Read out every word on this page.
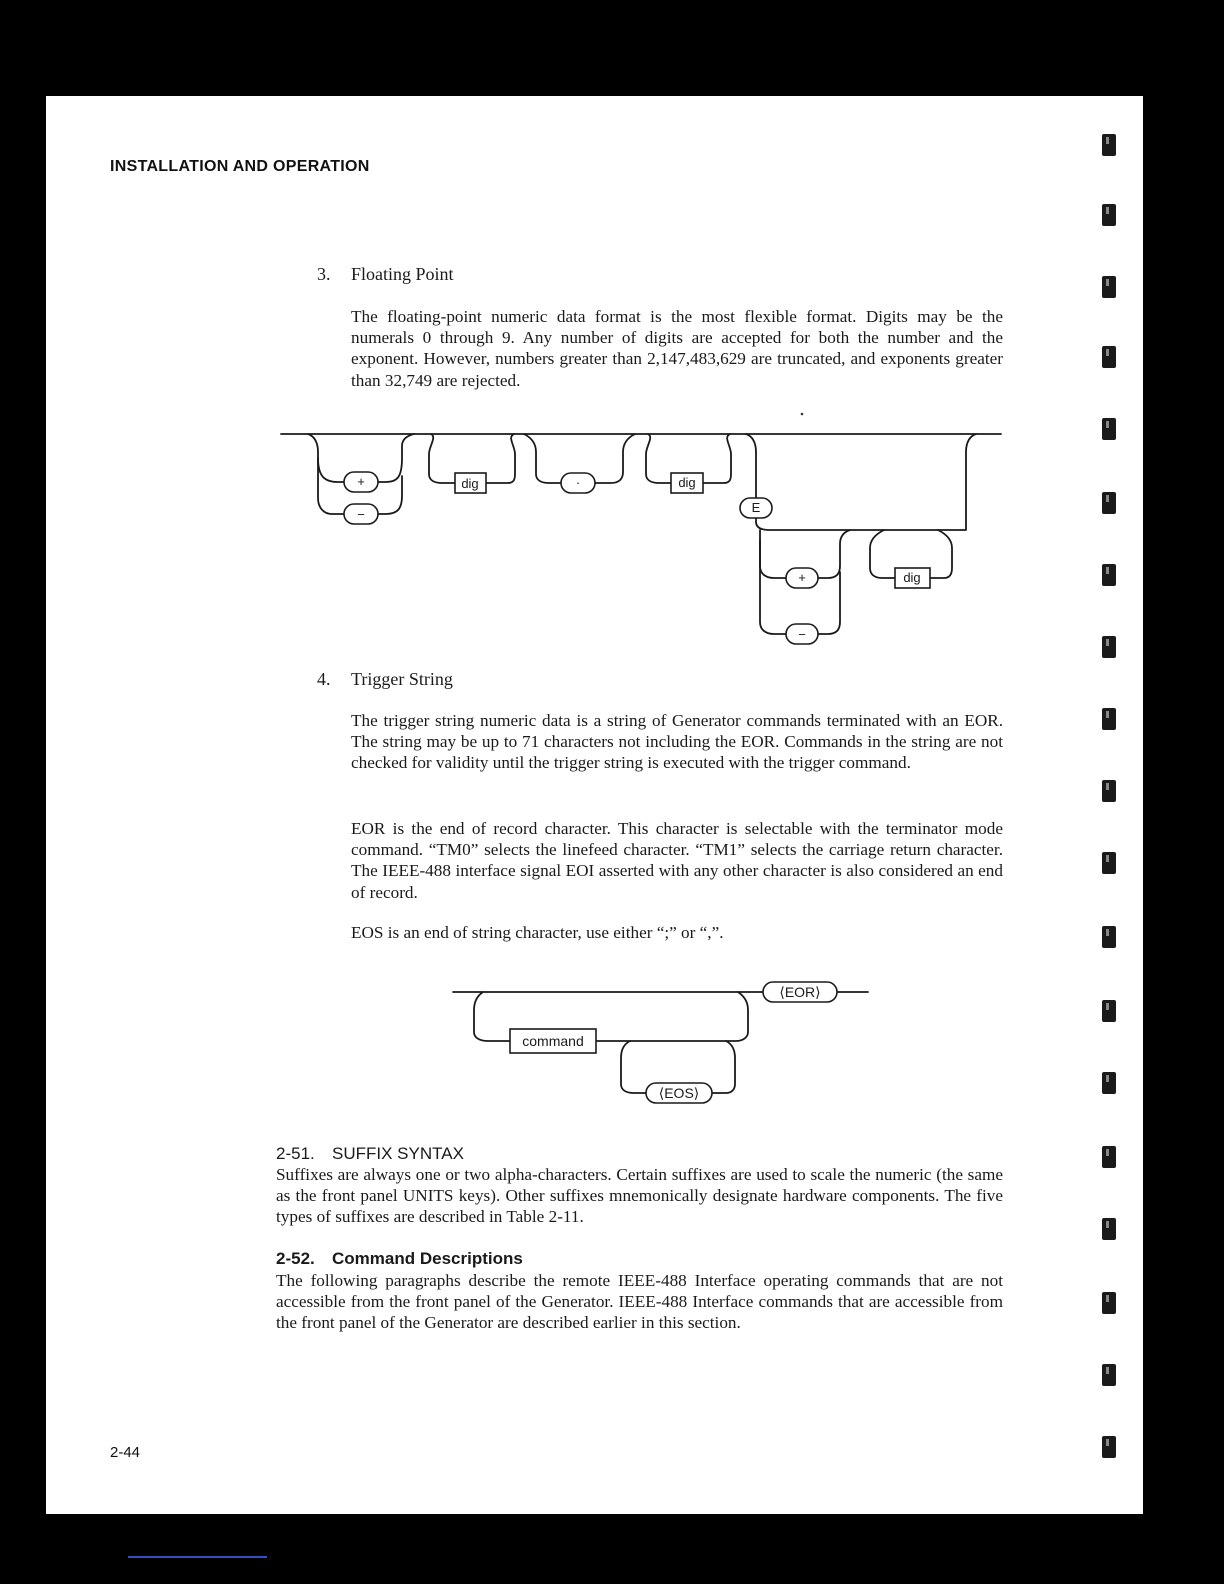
INSTALLATION AND OPERATION
3. Floating Point

The floating-point numeric data format is the most flexible format. Digits may be the numerals 0 through 9. Any number of digits are accepted for both the number and the exponent. However, numbers greater than 2,147,483,629 are truncated, and exponents greater than 32,749 are rejected.

+
−
dig	·	dig
E
+
−
dig
4. Trigger String

The trigger string numeric data is a string of Generator commands terminated with an EOR. The string may be up to 71 characters not including the EOR. Commands in the string are not checked for validity until the trigger string is executed with the trigger command.

EOR is the end of record character. This character is selectable with the terminator mode command. “TM0” selects the linefeed character. “TM1” selects the carriage return character. The IEEE-488 interface signal EOI asserted with any other character is also considered an end of record.

EOS is an end of string character, use either “;” or “,”.

⟨EOR⟩
command
⟨EOS⟩
2-51. SUFFIX SYNTAX

Suffixes are always one or two alpha-characters. Certain suffixes are used to scale the numeric (the same as the front panel UNITS keys). Other suffixes mnemonically designate hardware components. The five types of suffixes are described in Table 2-11.

2-52. Command Descriptions

The following paragraphs describe the remote IEEE-488 Interface operating commands that are not accessible from the front panel of the Generator. IEEE-488 Interface commands that are accessible from the front panel of the Generator are described earlier in this section.

2-44
